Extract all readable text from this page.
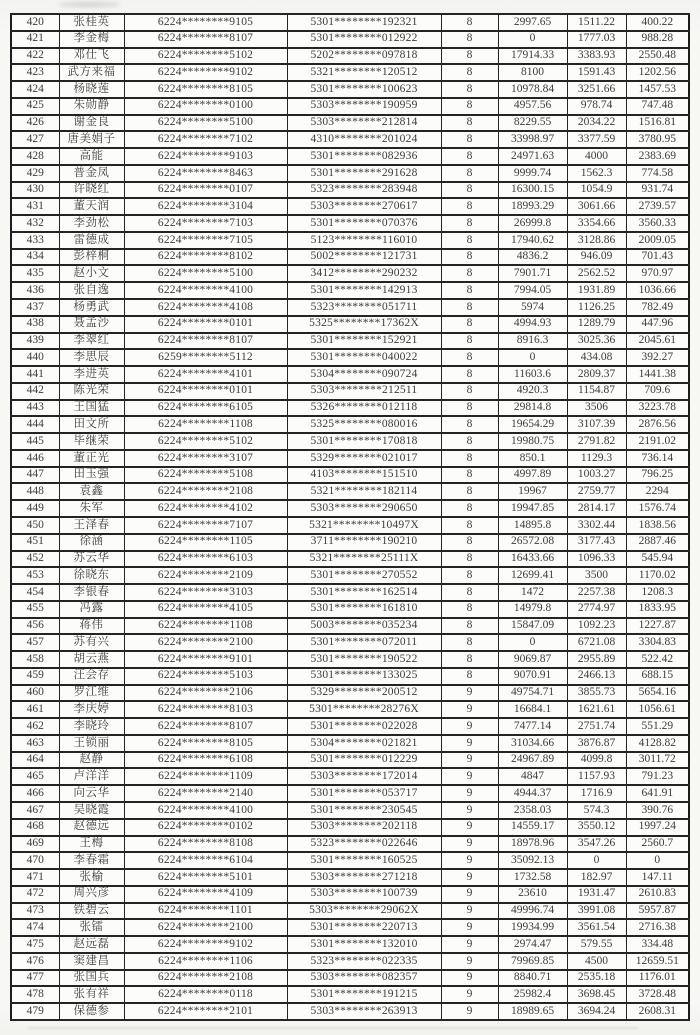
420	张桂英	6224********9105	5301********192321	8	2997.65	1511.22	400.22
421	李金梅	6224********8107	5301********012922	8	0	1777.03	988.28
422	邓仕飞	6224********5102	5202********097818	8	17914.33	3383.93	2550.48
423	武方来福	6224********9102	5321********120512	8	8100	1591.43	1202.56
424	杨晓莲	6224********8105	5301********100623	8	10978.84	3251.66	1457.53
425	朱勋静	6224********0100	5303********190959	8	4957.56	978.74	747.48
426	谢金良	6224********5100	5303********212814	8	8229.55	2034.22	1516.81
427	唐美娟子	6224********7102	4310********201024	8	33998.97	3377.59	3780.95
428	高能	6224********9103	5301********082936	8	24971.63	4000	2383.69
429	普金凤	6224********8463	5301********291628	8	9999.74	1562.3	774.58
430	许晓红	6224********0107	5323********283948	8	16300.15	1054.9	931.74
431	董天润	6224********3104	5303********270617	8	18993.29	3061.66	2739.57
432	李劲松	6224********7103	5301********070376	8	26999.8	3354.66	3560.33
433	雷德成	6224********7105	5123********116010	8	17940.62	3128.86	2009.05
434	彭梓桐	6224********8102	5002********121731	8	4836.2	946.09	701.43
435	赵小文	6224********5100	3412********290232	8	7901.71	2562.52	970.97
436	张自逸	6224********4100	5301********142913	8	7994.05	1931.89	1036.66
437	杨勇武	6224********4108	5323********051711	8	5974	1126.25	782.49
438	聂孟沙	6224********0101	5325********17362X	8	4994.93	1289.79	447.96
439	李翠红	6224********8107	5301********152921	8	8916.3	3025.36	2045.61
440	李思辰	6259********5112	5301********040022	8	0	434.08	392.27
441	李进英	6224********4101	5304********090724	8	11603.6	2809.37	1441.38
442	陈光荣	6224********0101	5303********212511	8	4920.3	1154.87	709.6
443	王国猛	6224********6105	5326********012118	8	29814.8	3506	3223.78
444	田文所	6224********1108	5325********080016	8	19654.29	3107.39	2876.56
445	毕继荣	6224********5102	5301********170818	8	19980.75	2791.82	2191.02
446	董正光	6224********3107	5329********021017	8	850.1	1129.3	736.14
447	田玉强	6224********5108	4103********151510	8	4997.89	1003.27	796.25
448	袁鑫	6224********2108	5321********182114	8	19967	2759.77	2294
449	朱军	6224********4102	5303********290650	8	19947.85	2814.17	1576.74
450	王泽春	6224********7107	5321********10497X	8	14895.8	3302.44	1838.56
451	徐涵	6224********1105	3711********190210	8	26572.08	3177.43	2887.46
452	苏云华	6224********6103	5321********25111X	8	16433.66	1096.33	545.94
453	徐晓东	6224********2109	5301********270552	8	12699.41	3500	1170.02
454	李银春	6224********3103	5301********162514	8	1472	2257.38	1208.3
455	冯露	6224********4105	5301********161810	8	14979.8	2774.97	1833.95
456	蒋伟	6224********1108	5003********035234	8	15847.09	1092.23	1227.87
457	苏有兴	6224********2100	5301********072011	8	0	6721.08	3304.83
458	胡云燕	6224********9101	5301********190522	8	9069.87	2955.89	522.42
459	汪会存	6224********5103	5301********133025	8	9070.91	2466.13	688.15
460	罗江维	6224********2106	5329********200512	9	49754.71	3855.73	5654.16
461	李庆婷	6224********8103	5301********28276X	9	16684.1	1621.61	1056.61
462	李晓玲	6224********8107	5301********022028	9	7477.14	2751.74	551.29
463	王锁丽	6224********8105	5304********021821	9	31034.66	3876.87	4128.82
464	赵静	6224********6108	5301********012229	9	24967.89	4099.8	3011.72
465	卢洋洋	6224********1109	5303********172014	9	4847	1157.93	791.23
466	向云华	6224********2140	5301********053717	9	4944.37	1716.9	641.91
467	吴晓霞	6224********4100	5301********230545	9	2358.03	574.3	390.76
468	赵德远	6224********0102	5303********202118	9	14559.17	3550.12	1997.24
469	王梅	6224********8108	5323********022646	9	18978.96	3547.26	2560.7
470	李春霜	6224********6104	5301********160525	9	35092.13	0	0
471	张榆	6224********5101	5303********271218	9	1732.58	182.97	147.11
472	周兴彦	6224********4109	5303********100739	9	23610	1931.47	2610.83
473	铁碧云	6224********1101	5303********29062X	9	49996.74	3991.08	5957.87
474	张镭	6224********2100	5301********220713	9	19934.99	3561.54	2716.38
475	赵远磊	6224********9102	5301********132010	9	2974.47	579.55	334.48
476	窦建昌	6224********1106	5323********022335	9	79969.85	4500	12659.51
477	张国兵	6224********2108	5303********082357	9	8840.71	2535.18	1176.01
478	张有祥	6224********0118	5301********191215	9	25982.4	3698.45	3728.48
479	保德参	6224********2101	5303********263913	9	18989.65	3694.24	2608.31
